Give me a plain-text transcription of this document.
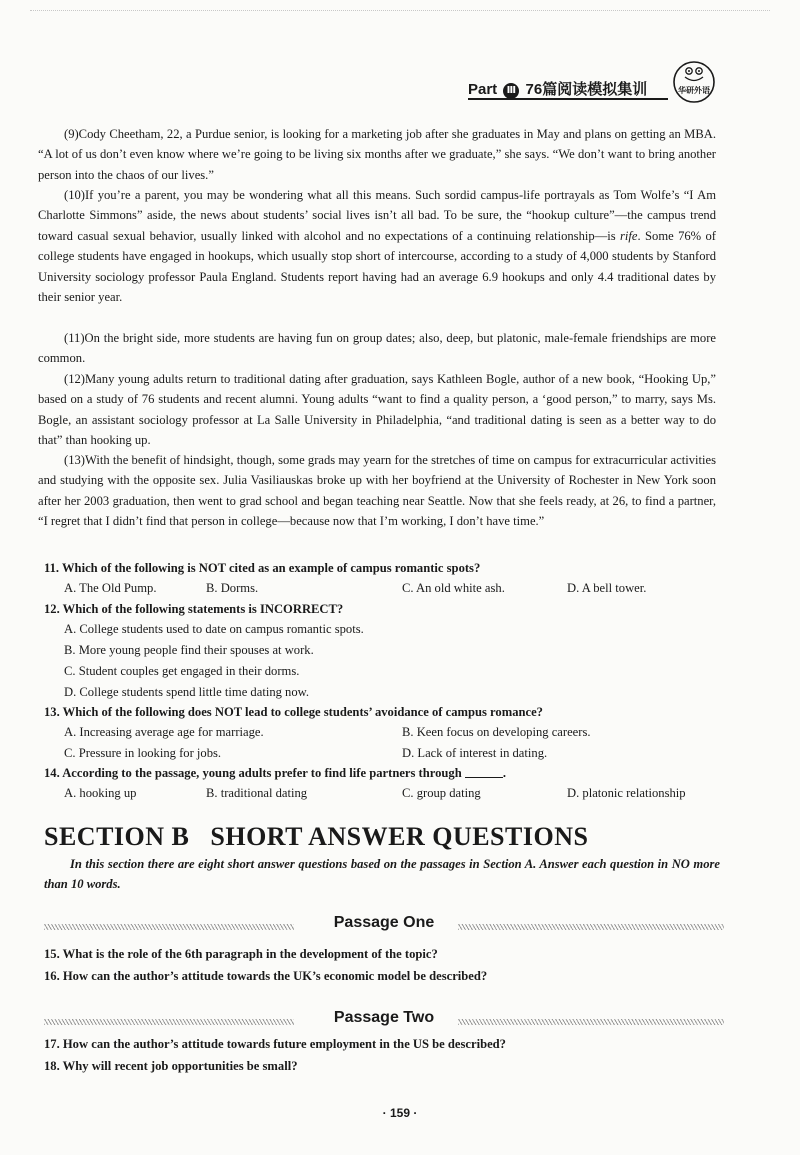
Part Ⅲ 76篇阅读模拟集训	华研外语

(9)Cody Cheetham, 22, a Purdue senior, is looking for a marketing job after she graduates in May and plans on getting an MBA. “A lot of us don’t even know where we’re going to be living six months after we graduate,” she says. “We don’t want to bring another person into the chaos of our lives.”

(10)If you’re a parent, you may be wondering what all this means. Such sordid campus-life portrayals as Tom Wolfe’s “I Am Charlotte Simmons” aside, the news about students’ social lives isn’t all bad. To be sure, the “hookup culture”—the campus trend toward casual sexual behavior, usually linked with alcohol and no expectations of a continuing relationship—is rife. Some 76% of college students have engaged in hookups, which usually stop short of intercourse, according to a study of 4,000 students by Stanford University sociology professor Paula England. Students report having had an average 6.9 hookups and only 4.4 traditional dates by their senior year.

(11)On the bright side, more students are having fun on group dates; also, deep, but platonic, male-female friendships are more common.

(12)Many young adults return to traditional dating after graduation, says Kathleen Bogle, author of a new book, “Hooking Up,” based on a study of 76 students and recent alumni. Young adults “want to find a quality person, a ‘good person,” to marry, says Ms. Bogle, an assistant sociology professor at La Salle University in Philadelphia, “and traditional dating is seen as a better way to do that” than hooking up.

(13)With the benefit of hindsight, though, some grads may yearn for the stretches of time on campus for extracurricular activities and studying with the opposite sex. Julia Vasiliauskas broke up with her boyfriend at the University of Rochester in New York soon after her 2003 graduation, then went to grad school and began teaching near Seattle. Now that she feels ready, at 26, to find a partner, “I regret that I didn’t find that person in college—because now that I’m working, I don’t have time.”

11. Which of the following is NOT cited as an example of campus romantic spots?
A. The Old Pump.	B. Dorms.	C. An old white ash.	D. A bell tower.
12. Which of the following statements is INCORRECT?
A. College students used to date on campus romantic spots.
B. More young people find their spouses at work.
C. Student couples get engaged in their dorms.
D. College students spend little time dating now.
13. Which of the following does NOT lead to college students’ avoidance of campus romance?
A. Increasing average age for marriage.	B. Keen focus on developing careers.
C. Pressure in looking for jobs.	D. Lack of interest in dating.
14. According to the passage, young adults prefer to find life partners through	.
A. hooking up	B. traditional dating	C. group dating	D. platonic relationship
SECTION B   SHORT ANSWER QUESTIONS
In this section there are eight short answer questions based on the passages in Section A. Answer each question in NO more than 10 words.
Passage One
15. What is the role of the 6th paragraph in the development of the topic?
16. How can the author’s attitude towards the UK’s economic model be described?
Passage Two
17. How can the author’s attitude towards future employment in the US be described?
18. Why will recent job opportunities be small?
· 159 ·
